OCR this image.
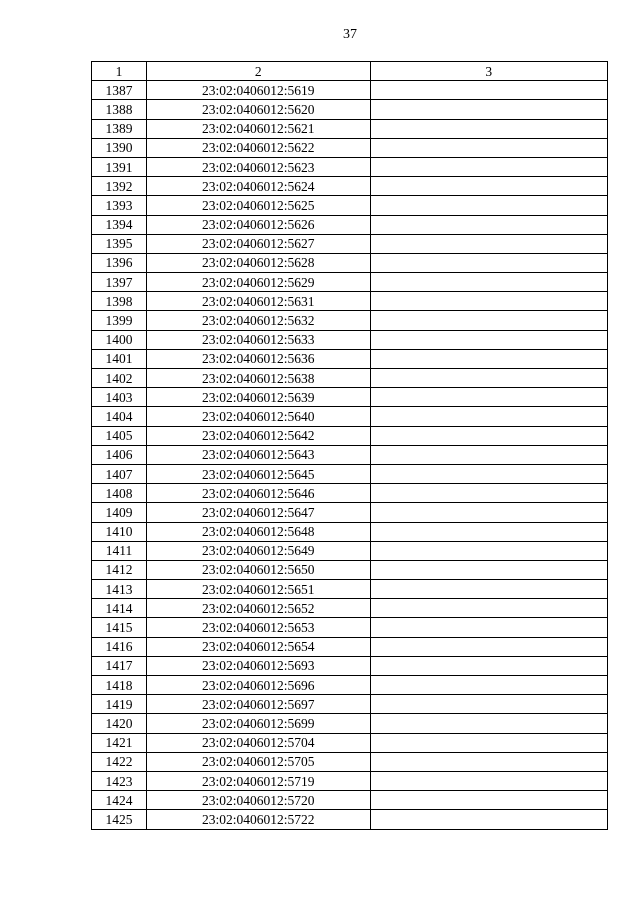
37
1	2	3
1387	23:02:0406012:5619	
1388	23:02:0406012:5620	
1389	23:02:0406012:5621	
1390	23:02:0406012:5622	
1391	23:02:0406012:5623	
1392	23:02:0406012:5624	
1393	23:02:0406012:5625	
1394	23:02:0406012:5626	
1395	23:02:0406012:5627	
1396	23:02:0406012:5628	
1397	23:02:0406012:5629	
1398	23:02:0406012:5631	
1399	23:02:0406012:5632	
1400	23:02:0406012:5633	
1401	23:02:0406012:5636	
1402	23:02:0406012:5638	
1403	23:02:0406012:5639	
1404	23:02:0406012:5640	
1405	23:02:0406012:5642	
1406	23:02:0406012:5643	
1407	23:02:0406012:5645	
1408	23:02:0406012:5646	
1409	23:02:0406012:5647	
1410	23:02:0406012:5648	
1411	23:02:0406012:5649	
1412	23:02:0406012:5650	
1413	23:02:0406012:5651	
1414	23:02:0406012:5652	
1415	23:02:0406012:5653	
1416	23:02:0406012:5654	
1417	23:02:0406012:5693	
1418	23:02:0406012:5696	
1419	23:02:0406012:5697	
1420	23:02:0406012:5699	
1421	23:02:0406012:5704	
1422	23:02:0406012:5705	
1423	23:02:0406012:5719	
1424	23:02:0406012:5720	
1425	23:02:0406012:5722	
